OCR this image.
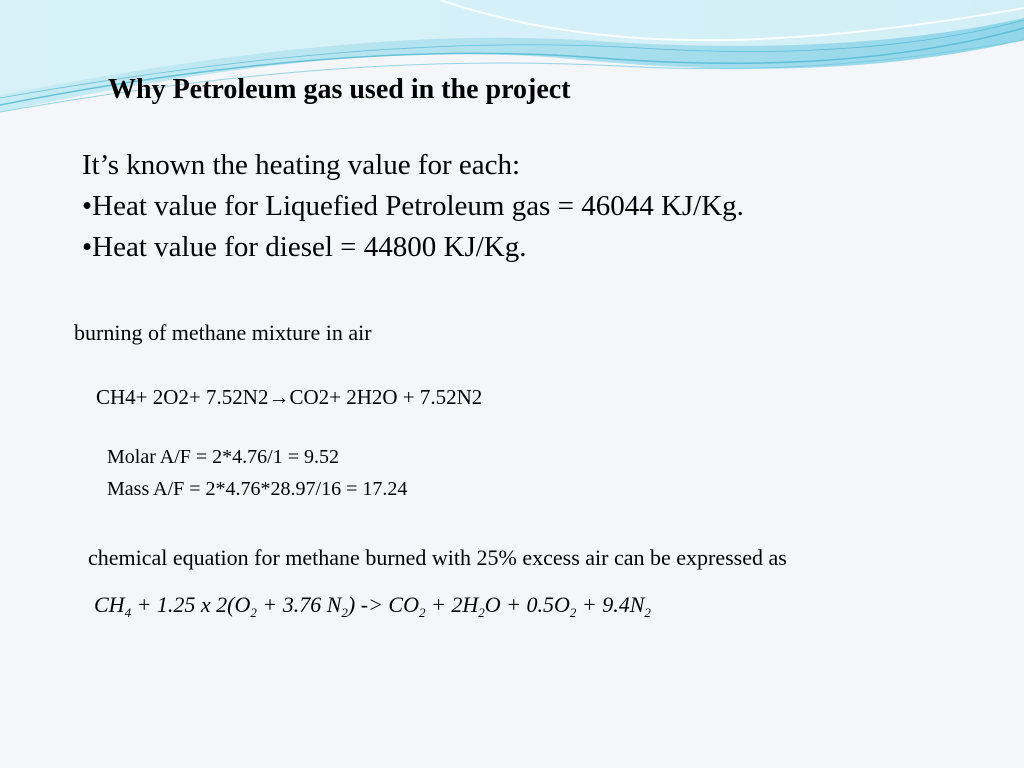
Why Petroleum gas used in the project
It’s known the heating value for each:
•Heat value for Liquefied Petroleum gas = 46044 KJ/Kg.
•Heat value for diesel = 44800 KJ/Kg.
burning of methane mixture in air
CH4+ 2O2+ 7.52N2→CO2+ 2H2O + 7.52N2
Molar A/F = 2*4.76/1 = 9.52
Mass A/F = 2*4.76*28.97/16 = 17.24
chemical equation for methane burned with 25% excess air can be expressed as
$CH_4 + 1.25$ x $2(O_2 + 3.76$ $N_2) -> CO_2 + 2H_2O + 0.5O_2 + 9.4N_2$
